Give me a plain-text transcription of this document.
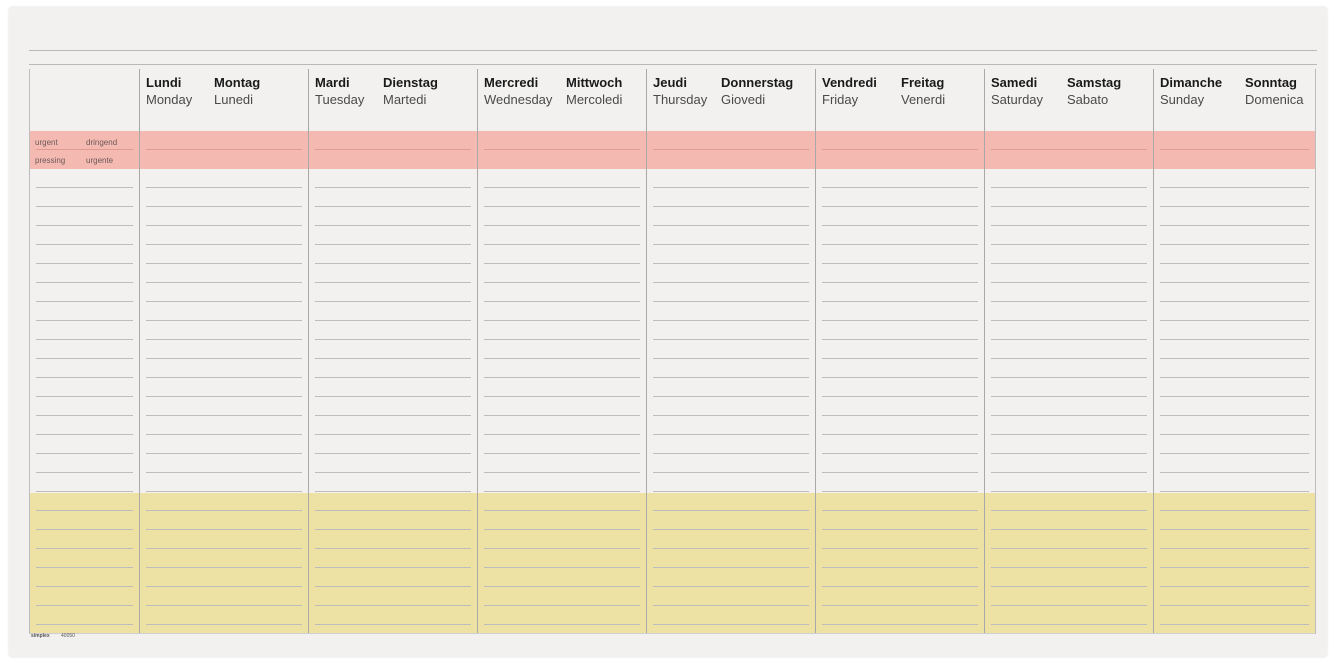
urgent	dringend
pressing	urgente
Lundi
Monday
Montag
Lunedi
Mardi
Tuesday
Dienstag
Martedi
Mercredi
Wednesday
Mittwoch
Mercoledi
Jeudi
Thursday
Donnerstag
Giovedi
Vendredi
Friday
Freitag
Venerdi
Samedi
Saturday
Samstag
Sabato
Dimanche
Sunday
Sonntag
Domenica
simplex 40050
